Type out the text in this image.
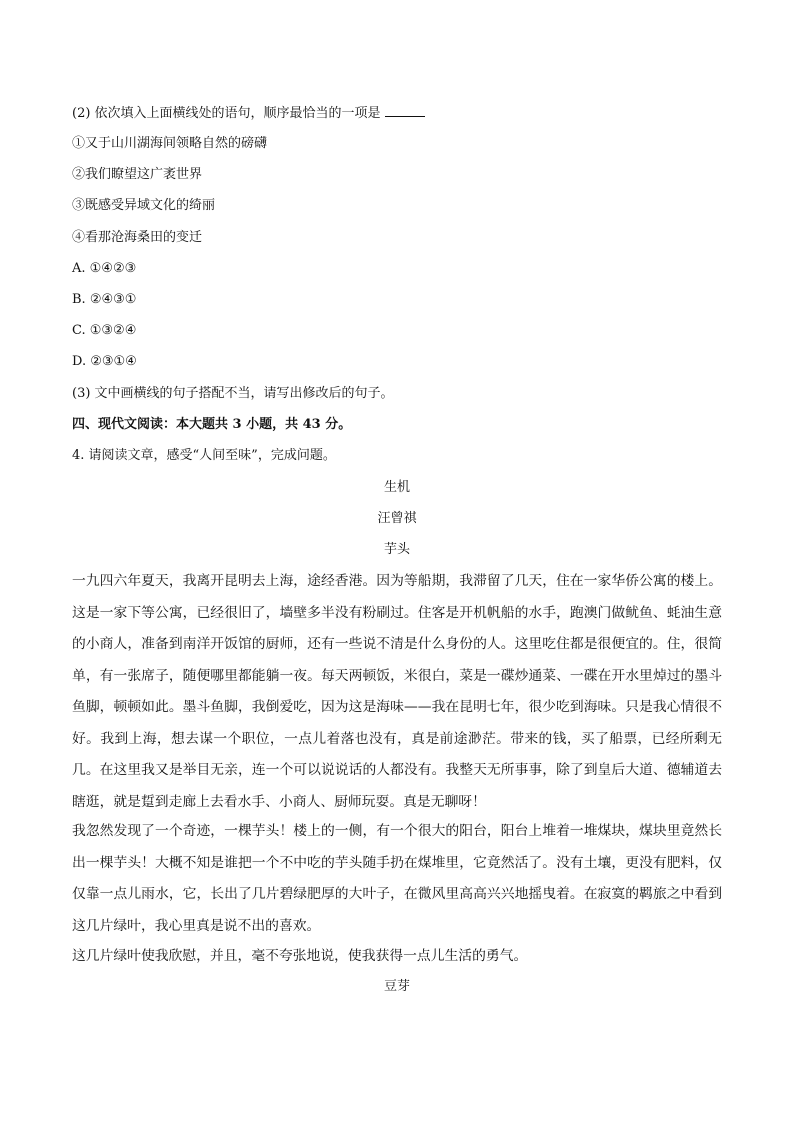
(2) 依次填入上面横线处的语句，顺序最恰当的一项是
①又于山川湖海间领略自然的磅礴
②我们瞭望这广袤世界
③既感受异域文化的绮丽
④看那沧海桑田的变迁
A. ①④②③
B. ②④③①
C. ①③②④
D. ②③①④
(3) 文中画横线的句子搭配不当，请写出修改后的句子。
四、现代文阅读：本大题共 3 小题，共 43 分。
4. 请阅读文章，感受“人间至味”，完成问题。
生机
汪曾祺
芋头
一九四六年夏天，我离开昆明去上海，途经香港。因为等船期，我滞留了几天，住在一家华侨公寓的楼上。这是一家下等公寓，已经很旧了，墙壁多半没有粉刷过。住客是开机帆船的水手，跑澳门做鱿鱼、蚝油生意的小商人，准备到南洋开饭馆的厨师，还有一些说不清是什么身份的人。这里吃住都是很便宜的。住，很简单，有一张席子，随便哪里都能躺一夜。每天两顿饭，米很白，菜是一碟炒通菜、一碟在开水里焯过的墨斗鱼脚，顿顿如此。墨斗鱼脚，我倒爱吃，因为这是海味——我在昆明七年，很少吃到海味。只是我心情很不好。我到上海，想去谋一个职位，一点儿着落也没有，真是前途渺茫。带来的钱，买了船票，已经所剩无几。在这里我又是举目无亲，连一个可以说说话的人都没有。我整天无所事事，除了到皇后大道、德辅道去瞎逛，就是踅到走廊上去看水手、小商人、厨师玩耍。真是无聊呀！
我忽然发现了一个奇迹，一棵芋头！楼上的一侧，有一个很大的阳台，阳台上堆着一堆煤块，煤块里竟然长出一棵芋头！大概不知是谁把一个不中吃的芋头随手扔在煤堆里，它竟然活了。没有土壤，更没有肥料，仅仅靠一点儿雨水，它，长出了几片碧绿肥厚的大叶子，在微风里高高兴兴地摇曳着。在寂寞的羁旅之中看到这几片绿叶，我心里真是说不出的喜欢。
这几片绿叶使我欣慰，并且，毫不夸张地说，使我获得一点儿生活的勇气。
豆芽
